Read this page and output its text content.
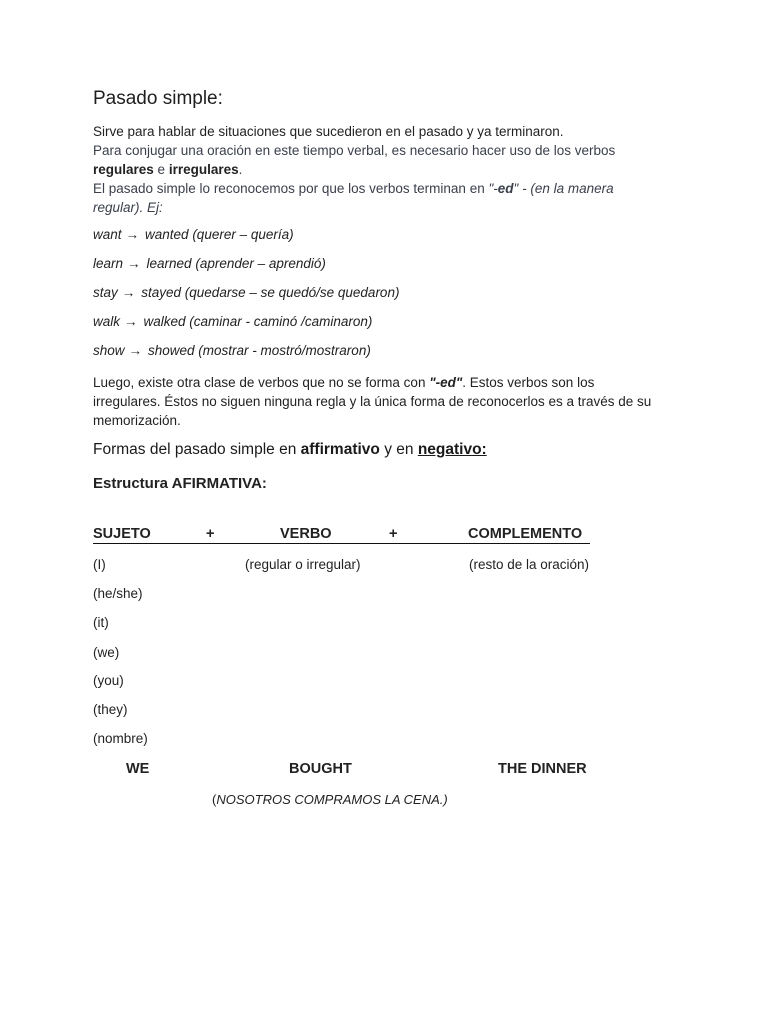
Pasado simple:
Sirve para hablar de situaciones que sucedieron en el pasado y ya terminaron.
Para conjugar una oración en este tiempo verbal, es necesario hacer uso de los verbos
regulares e irregulares.
El pasado simple lo reconocemos por que los verbos terminan en "-ed" - (en la manera
regular). Ej:
want → wanted (querer – quería)
learn → learned (aprender – aprendió)
stay → stayed (quedarse – se quedó/se quedaron)
walk → walked (caminar - caminó /caminaron)
show → showed (mostrar - mostró/mostraron)
Luego, existe otra clase de verbos que no se forma con "-ed". Estos verbos son los
irregulares. Éstos no siguen ninguna regla y la única forma de reconocerlos es a través de su
memorización.
Formas del pasado simple en affirmativo y en negativo:
Estructura AFIRMATIVA:
SUJETO	+	VERBO	+	COMPLEMENTO
(I)	(regular o irregular)	(resto de la oración)
(he/she)
(it)
(we)
(you)
(they)
(nombre)
WE	BOUGHT	THE DINNER
(NOSOTROS COMPRAMOS LA CENA.)
